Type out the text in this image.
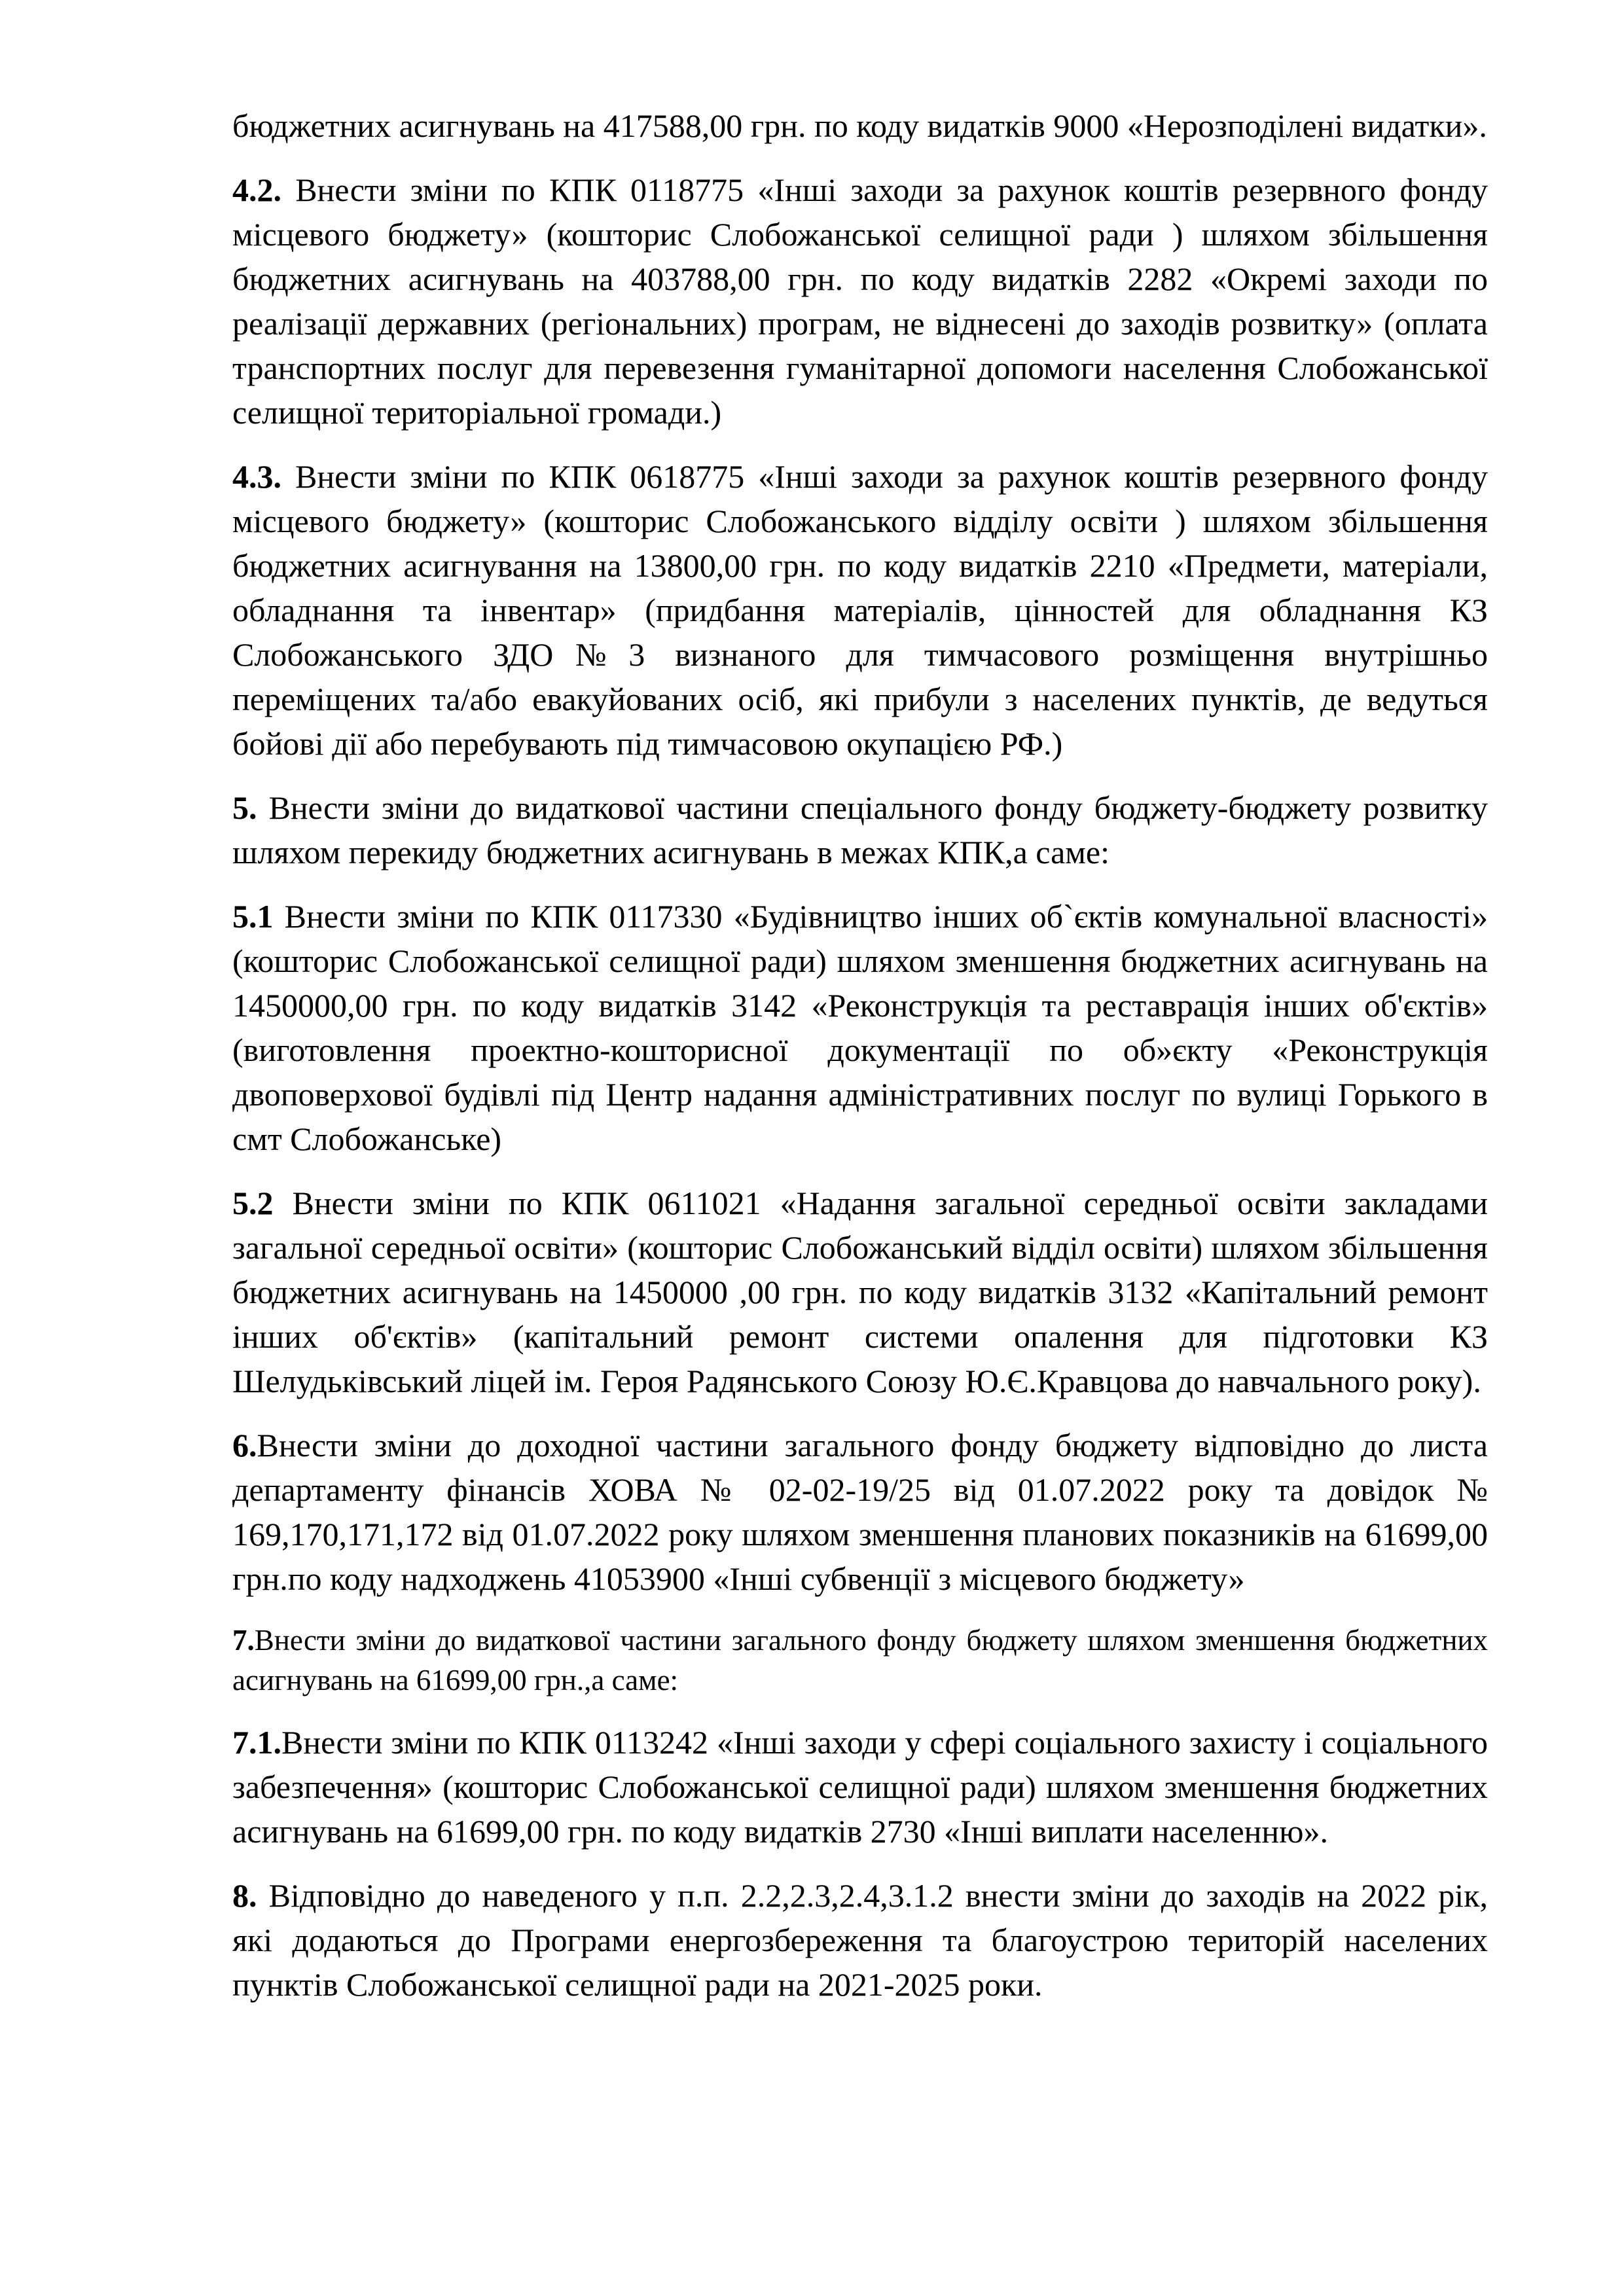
бюджетних асигнувань на 417588,00 грн. по коду видатків 9000 «Нерозподілені видатки».

4.2. Внести зміни по КПК 0118775 «Інші заходи за рахунок коштів резервного фонду місцевого бюджету» (кошторис Слобожанської селищної ради ) шляхом збільшення бюджетних асигнувань на 403788,00 грн. по коду видатків 2282 «Окремі заходи по реалізації державних (регіональних) програм, не віднесені до заходів розвитку» (оплата транспортних послуг для перевезення гуманітарної допомоги населення Слобожанської селищної територіальної громади.)

4.3. Внести зміни по КПК 0618775 «Інші заходи за рахунок коштів резервного фонду місцевого бюджету» (кошторис Слобожанського відділу освіти ) шляхом збільшення бюджетних асигнування на 13800,00 грн. по коду видатків 2210 «Предмети, матеріали, обладнання та інвентар» (придбання матеріалів, цінностей для обладнання КЗ Слобожанського ЗДО№3 визнаного для тимчасового розміщення внутрішньо переміщених та/або евакуйованих осіб, які прибули з населених пунктів, де ведуться бойові дії або перебувають під тимчасовою окупацією РФ.)

5. Внести зміни до видаткової частини спеціального фонду бюджету-бюджету розвитку шляхом перекиду бюджетних асигнувань в межах КПК,а саме:

5.1 Внести зміни по КПК 0117330 «Будівництво інших об`єктів комунальної власності» (кошторис Слобожанської селищної ради) шляхом зменшення бюджетних асигнувань на 1450000,00 грн. по коду видатків 3142 «Реконструкція та реставрація інших об'єктів» (виготовлення проектно-кошторисної документації по об»єкту «Реконструкція двоповерхової будівлі під Центр надання адміністративних послуг по вулиці Горького в смт Слобожанське)

5.2 Внести зміни по КПК 0611021 «Надання загальної середньої освіти закладами загальної середньої освіти» (кошторис Слобожанський відділ освіти) шляхом збільшення бюджетних асигнувань на 1450000 ,00 грн. по коду видатків 3132 «Капітальний ремонт інших об'єктів» (капітальний ремонт системи опалення для підготовки КЗ Шелудьківський ліцей ім. Героя Радянського Союзу Ю.Є.Кравцова до навчального року).

6.Внести зміни до доходної частини загального фонду бюджету відповідно до листа департаменту фінансів ХОВА № 02-02-19/25 від 01.07.2022 року та довідок № 169,170,171,172 від 01.07.2022 року шляхом зменшення планових показників на 61699,00 грн.по коду надходжень 41053900 «Інші субвенції з місцевого бюджету»

7.Внести зміни до видаткової частини загального фонду бюджету шляхом зменшення бюджетних асигнувань на 61699,00 грн.,а саме:

7.1.Внести зміни по КПК 0113242 «Інші заходи у сфері соціального захисту і соціального забезпечення» (кошторис Слобожанської селищної ради) шляхом зменшення бюджетних асигнувань на 61699,00 грн. по коду видатків 2730 «Інші виплати населенню».

8. Відповідно до наведеного у п.п. 2.2,2.3,2.4,3.1.2 внести зміни до заходів на 2022 рік, які додаються до Програми енергозбереження та благоустрою територій населених пунктів Слобожанської селищної ради на 2021-2025 роки.
